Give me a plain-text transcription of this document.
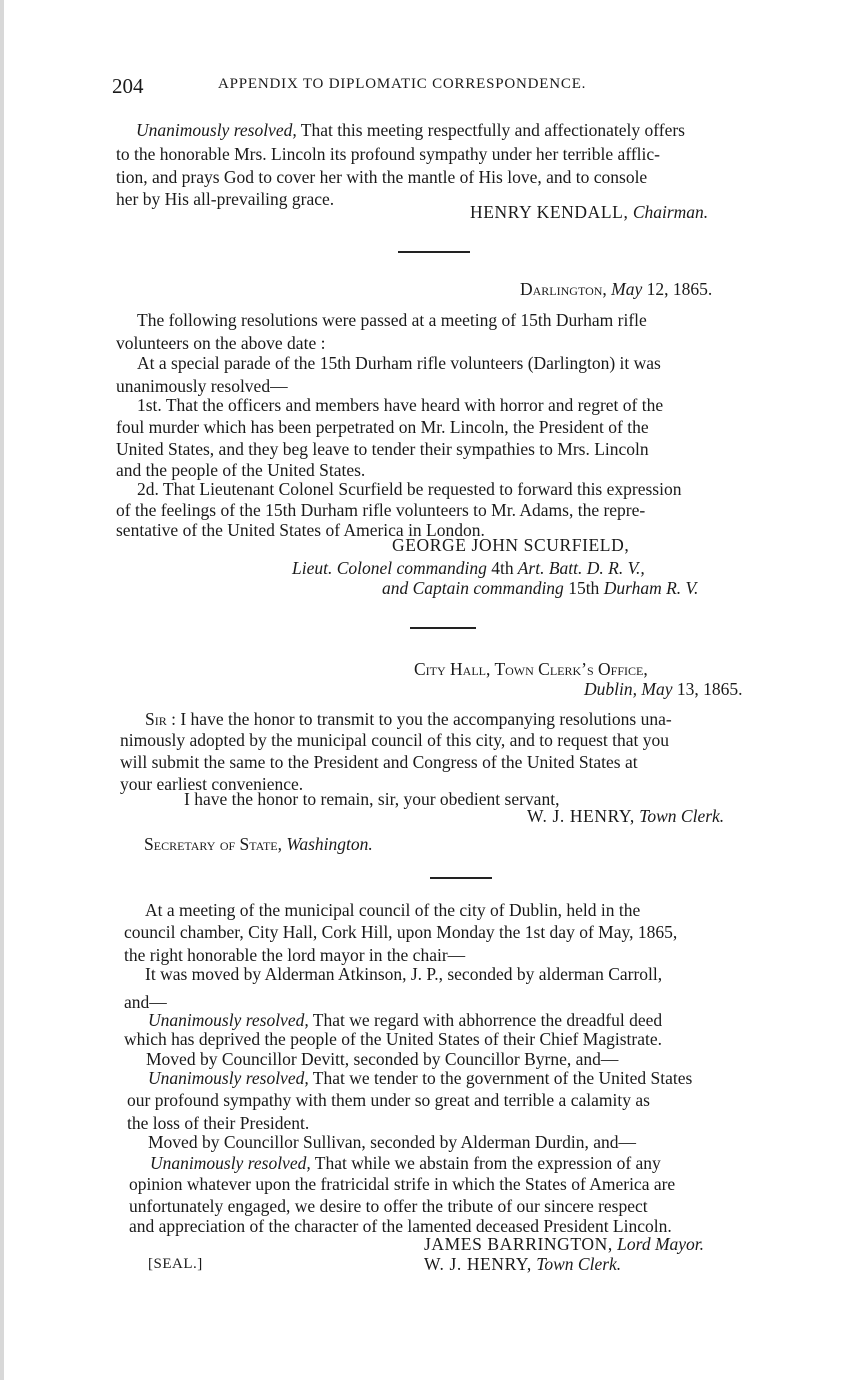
204	APPENDIX TO DIPLOMATIC CORRESPONDENCE.
Unanimously resolved, That this meeting respectfully and affectionately offers
to the honorable Mrs. Lincoln its profound sympathy under her terrible afflic-
tion, and prays God to cover her with the mantle of His love, and to console
her by His all-prevailing grace.
HENRY KENDALL, Chairman.
Darlington, May 12, 1865.
The following resolutions were passed at a meeting of 15th Durham rifle
volunteers on the above date :
At a special parade of the 15th Durham rifle volunteers (Darlington) it was
unanimously resolved—
1st. That the officers and members have heard with horror and regret of the
foul murder which has been perpetrated on Mr. Lincoln, the President of the
United States, and they beg leave to tender their sympathies to Mrs. Lincoln
and the people of the United States.
2d. That Lieutenant Colonel Scurfield be requested to forward this expression
of the feelings of the 15th Durham rifle volunteers to Mr. Adams, the repre-
sentative of the United States of America in London.
GEORGE JOHN SCURFIELD,
Lieut. Colonel commanding 4th Art. Batt. D. R. V.,
and Captain commanding 15th Durham R. V.
City Hall, Town Clerk’s Office,
Dublin, May 13, 1865.
Sir : I have the honor to transmit to you the accompanying resolutions una-
nimously adopted by the municipal council of this city, and to request that you
will submit the same to the President and Congress of the United States at
your earliest convenience.
I have the honor to remain, sir, your obedient servant,
W. J. HENRY, Town Clerk.
Secretary of State, Washington.
At a meeting of the municipal council of the city of Dublin, held in the
council chamber, City Hall, Cork Hill, upon Monday the 1st day of May, 1865,
the right honorable the lord mayor in the chair—
It was moved by Alderman Atkinson, J. P., seconded by alderman Carroll,
and—
Unanimously resolved, That we regard with abhorrence the dreadful deed
which has deprived the people of the United States of their Chief Magistrate.
Moved by Councillor Devitt, seconded by Councillor Byrne, and—
Unanimously resolved, That we tender to the government of the United States
our profound sympathy with them under so great and terrible a calamity as
the loss of their President.
Moved by Councillor Sullivan, seconded by Alderman Durdin, and—
Unanimously resolved, That while we abstain from the expression of any
opinion whatever upon the fratricidal strife in which the States of America are
unfortunately engaged, we desire to offer the tribute of our sincere respect
and appreciation of the character of the lamented deceased President Lincoln.
JAMES BARRINGTON, Lord Mayor.
[SEAL.]	W. J. HENRY, Town Clerk.
